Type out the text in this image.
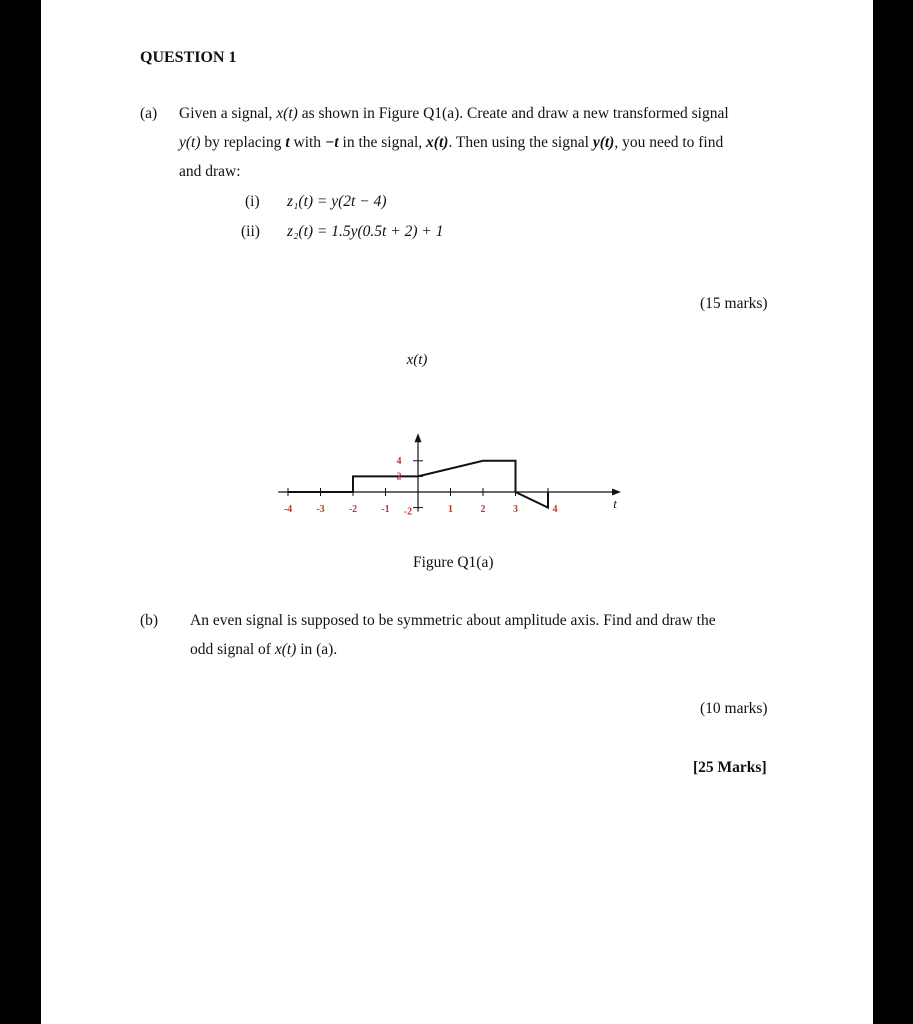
QUESTION 1
(a) Given a signal, x(t) as shown in Figure Q1(a). Create and draw a new transformed signal
y(t) by replacing t with −t in the signal, x(t). Then using the signal y(t), you need to find
and draw:
(i) z₁(t) = y(2t − 4)
(ii) z₂(t) = 1.5y(0.5t + 2) + 1
(15 marks)
x(t)
t
-4 -3 -2 -1	1	2	3	4
4
2
-2
Figure Q1(a)
(b) An even signal is supposed to be symmetric about amplitude axis. Find and draw the
odd signal of x(t) in (a).
(10 marks)
[25 Marks]
